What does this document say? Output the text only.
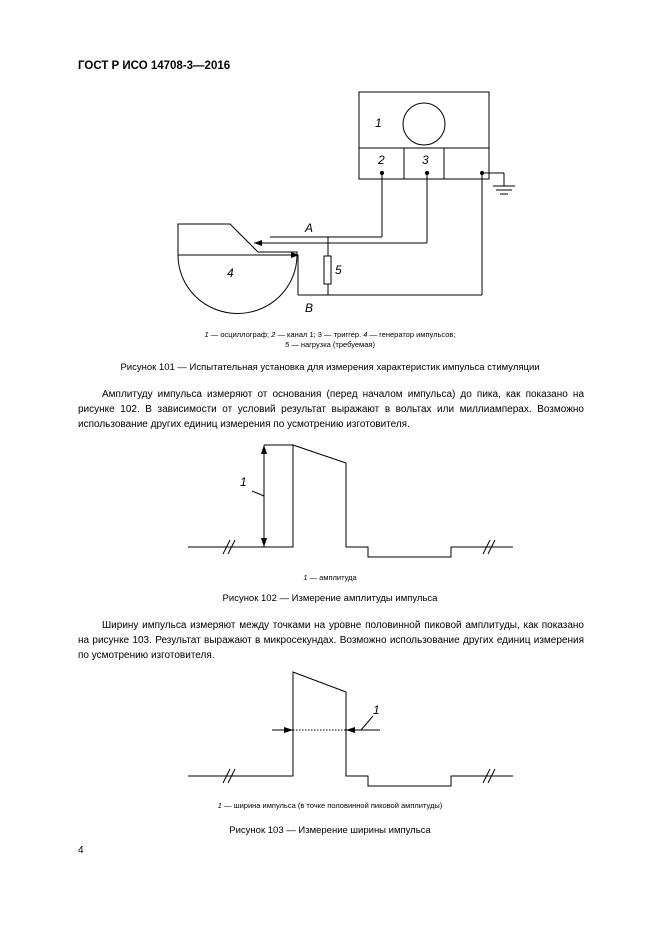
ГОСТ Р ИСО 14708-3—2016
1
2	3
4	5
A
B
1 — осциллограф; 2 — канал 1; 3 — триггер. 4 — генератор импульсов;
5 — нагрузка (требуемая)
Рисунок 101 — Испытательная установка для измерения характеристик импульса стимуляции
Амплитуду импульса измеряют от основания (перед началом импульса) до пика, как показано на рисунке 102. В зависимости от условий результат выражают в вольтах или миллиамперах. Возможно использование других единиц измерения по усмотрению изготовителя.
1
1 — амплитуда
Рисунок 102 — Измерение амплитуды импульса
Ширину импульса измеряют между точками на уровне половинной пиковой амплитуды, как показано на рисунке 103. Результат выражают в микросекундах. Возможно использование других единиц измерения по усмотрению изготовителя.
1
1 — ширина импульса (в точке половинной пиковой амплитуды)
Рисунок 103 — Измерение ширины импульса
4
